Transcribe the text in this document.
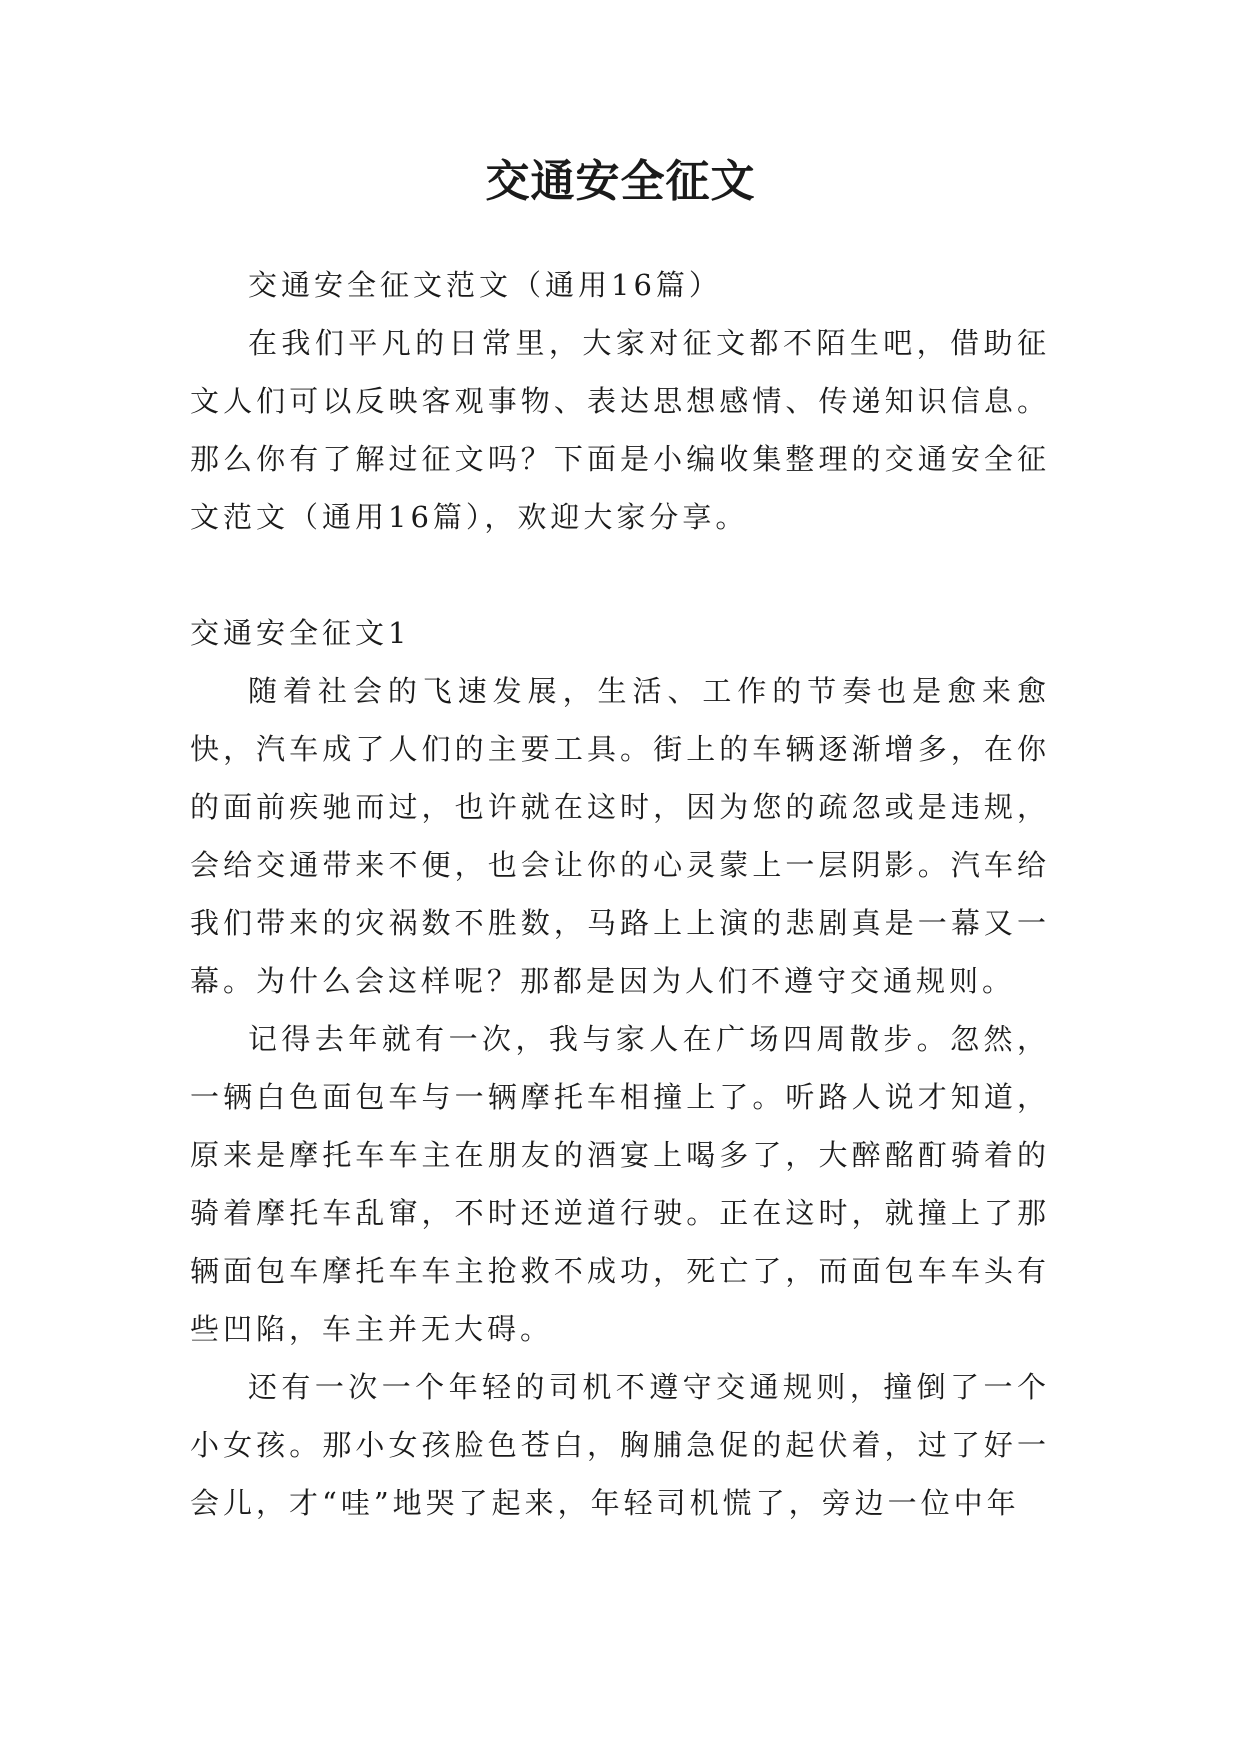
交通安全征文

交通安全征文范文（通用16篇）

在我们平凡的日常里，大家对征文都不陌生吧，借助征文人们可以反映客观事物、表达思想感情、传递知识信息。那么你有了解过征文吗？下面是小编收集整理的交通安全征文范文（通用16篇），欢迎大家分享。

交通安全征文1

随着社会的飞速发展，生活、工作的节奏也是愈来愈快，汽车成了人们的主要工具。街上的车辆逐渐增多，在你的面前疾驰而过，也许就在这时，因为您的疏忽或是违规，会给交通带来不便，也会让你的心灵蒙上一层阴影。汽车给我们带来的灾祸数不胜数，马路上上演的悲剧真是一幕又一幕。为什么会这样呢？那都是因为人们不遵守交通规则。

记得去年就有一次，我与家人在广场四周散步。忽然，一辆白色面包车与一辆摩托车相撞上了。听路人说才知道，原来是摩托车车主在朋友的酒宴上喝多了，大醉酩酊骑着的骑着摩托车乱窜，不时还逆道行驶。正在这时，就撞上了那辆面包车摩托车车主抢救不成功，死亡了，而面包车车头有些凹陷，车主并无大碍。

还有一次一个年轻的司机不遵守交通规则，撞倒了一个小女孩。那小女孩脸色苍白，胸脯急促的起伏着，过了好一会儿，才“哇”地哭了起来，年轻司机慌了，旁边一位中年
